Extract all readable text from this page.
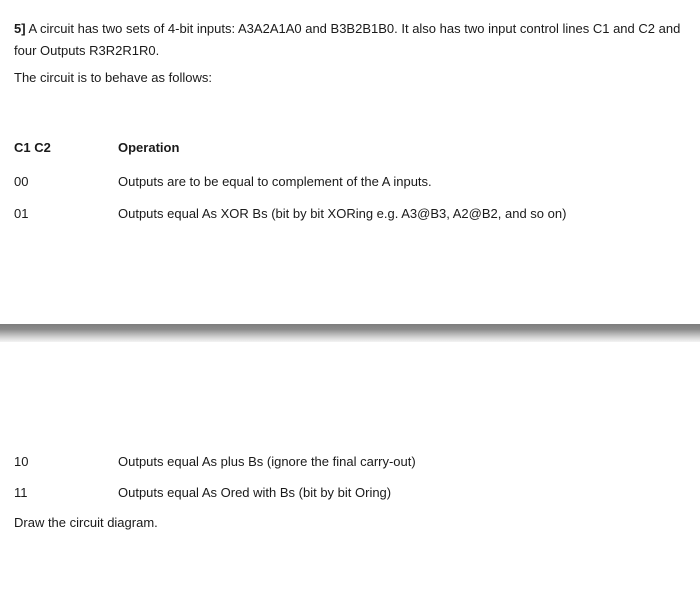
5] A circuit has two sets of 4-bit inputs: A3A2A1A0 and B3B2B1B0. It also has two input control lines C1 and C2 and four Outputs R3R2R1R0.
The circuit is to behave as follows:
C1 C2	Operation
00	Outputs are to be equal to complement of the A inputs.
01	Outputs equal As XOR Bs (bit by bit XORing e.g. A3@B3, A2@B2, and so on)
10	Outputs equal As plus Bs (ignore the final carry-out)
11	Outputs equal As Ored with Bs (bit by bit Oring)
Draw the circuit diagram.
